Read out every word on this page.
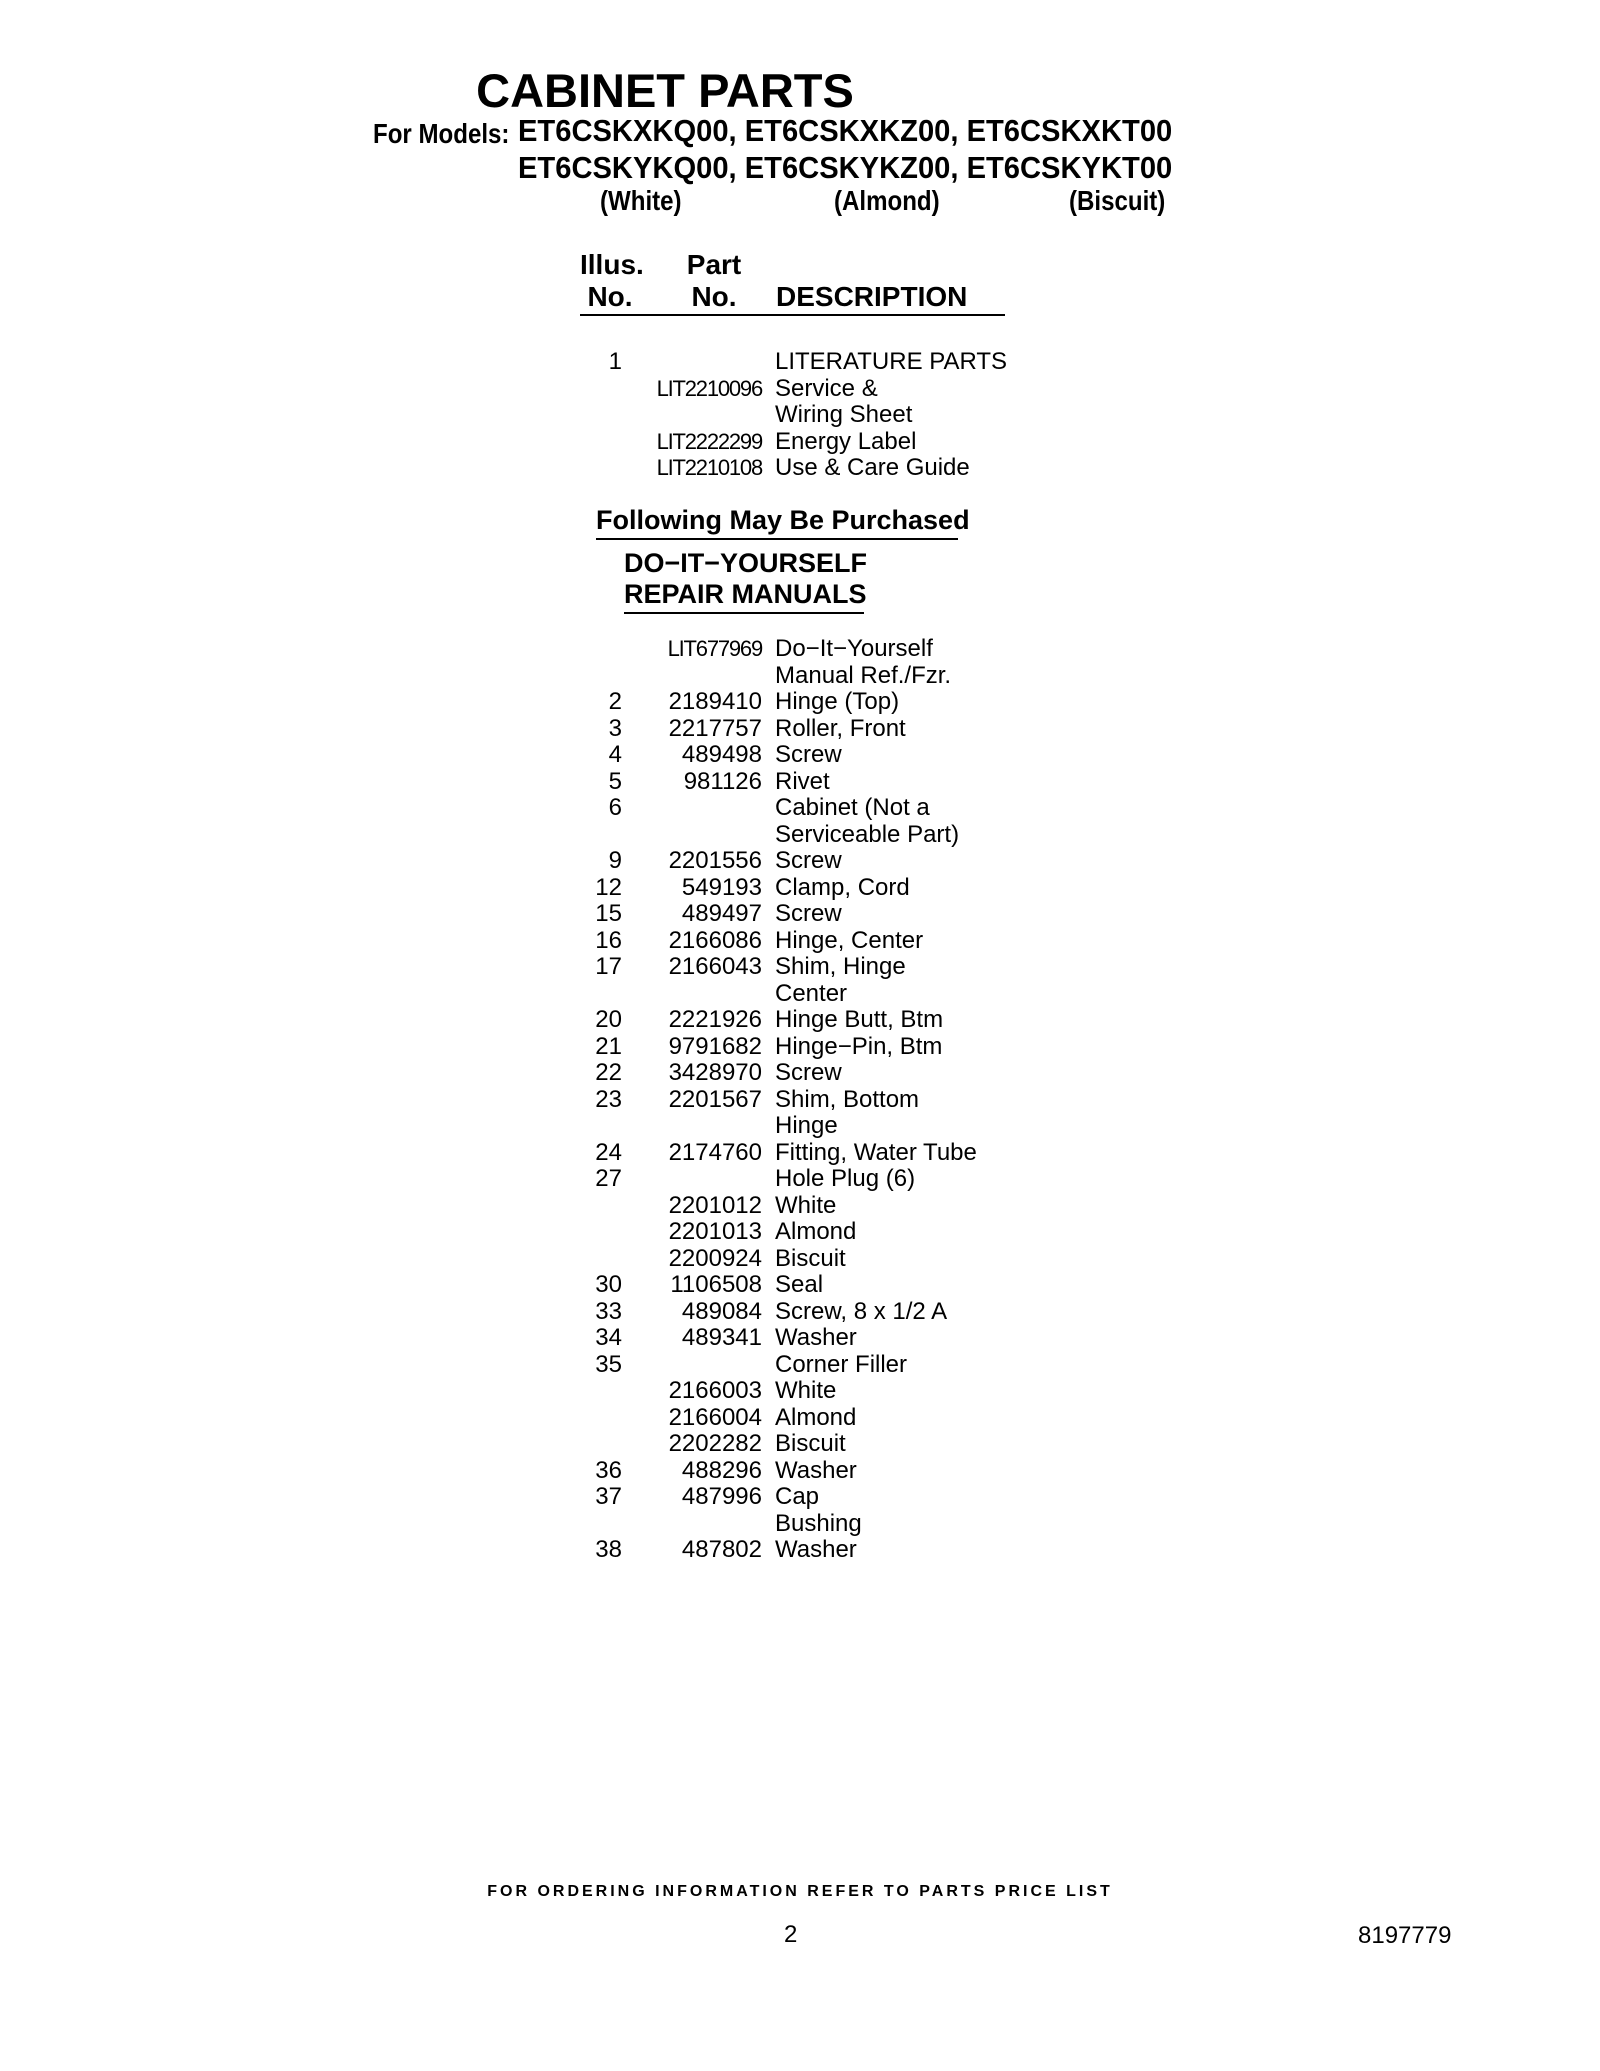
CABINET PARTS
For Models: ET6CSKXKQ00, ET6CSKXKZ00, ET6CSKXKT00
ET6CSKYKQ00, ET6CSKYKZ00, ET6CSKYKT00
(White)	(Almond)	(Biscuit)
Illus.
No.
Part
No. DESCRIPTION
1	LITERATURE PARTS
LIT2210096 Service &
Wiring Sheet
LIT2222299 Energy Label
LIT2210108 Use & Care Guide
Following May Be Purchased
DO−IT−YOURSELF
REPAIR MANUALS
LIT677969 Do−It−Yourself
Manual Ref./Fzr.
2	2189410 Hinge (Top)
3	2217757 Roller, Front
4	489498 Screw
5	981126 Rivet
6	Cabinet (Not a
Serviceable Part)
9	2201556 Screw
12	549193 Clamp, Cord
15	489497 Screw
16	2166086 Hinge, Center
17	2166043 Shim, Hinge
Center
20	2221926 Hinge Butt, Btm
21	9791682 Hinge−Pin, Btm
22	3428970 Screw
23	2201567 Shim, Bottom
Hinge
24	2174760 Fitting, Water Tube
27	Hole Plug (6)
2201012 White
2201013 Almond
2200924 Biscuit
30	1106508 Seal
33	489084 Screw, 8 x 1/2 A
34	489341 Washer
35	Corner Filler
2166003 White
2166004 Almond
2202282 Biscuit
36	488296 Washer
37	487996 Cap
Bushing
38	487802 Washer
FOR ORDERING INFORMATION REFER TO PARTS PRICE LIST
2	8197779
